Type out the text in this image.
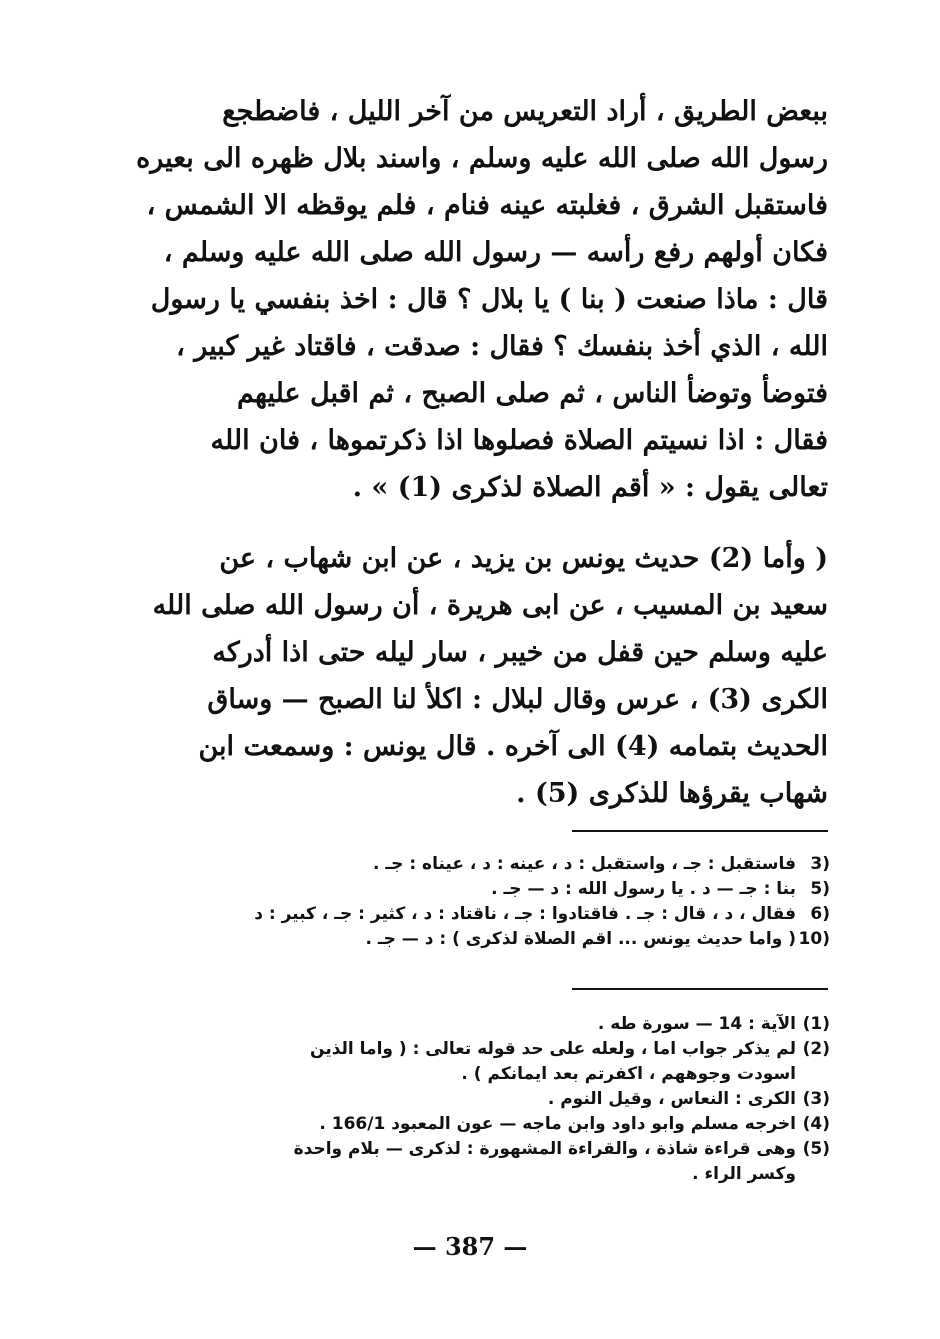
ببعض الطريق ، أراد التعريس من آخر الليل ، فاضطجع
رسول الله صلى الله عليه وسلم ، واسند بلال ظهره الى بعيره
فاستقبل الشرق ، فغلبته عينه فنام ، فلم يوقظه الا الشمس ،
فكان أولهم رفع رأسه — رسول الله صلى الله عليه وسلم ،
قال : ماذا صنعت ( بنا ) يا بلال ؟ قال : اخذ بنفسي يا رسول
الله ، الذي أخذ بنفسك ؟ فقال : صدقت ، فاقتاد غير كبير ،
فتوضأ وتوضأ الناس ، ثم صلى الصبح ، ثم اقبل عليهم
فقال : اذا نسيتم الصلاة فصلوها اذا ذكرتموها ، فان الله
تعالى يقول : « أقم الصلاة لذكرى (1) » .
( وأما (2) حديث يونس بن يزيد ، عن ابن شهاب ، عن
سعيد بن المسيب ، عن ابى هريرة ، أن رسول الله صلى الله
عليه وسلم حين قفل من خيبر ، سار ليله حتى اذا أدركه
الكرى (3) ، عرس وقال لبلال : اكلأ لنا الصبح — وساق
الحديث بتمامه (4) الى آخره . قال يونس : وسمعت ابن
شهاب يقرؤها للذكرى (5) .
(3
فاستقبل : جـ ، واستقبل : د ، عينه : د ، عيناه : جـ .
(5
بنا : جـ — د . يا رسول الله : د — جـ .
(6
فقال ، د ، قال : جـ . فاقتادوا : جـ ، ناقتاد : د ، كثير : جـ ، كبير : د
(10
( واما حديث يونس ... اقم الصلاة لذكرى ) : د — جـ .
(1)
الآية : 14 — سورة طه .
(2)
لم يذكر جواب اما ، ولعله على حد قوله تعالى : ( واما الذين
اسودت وجوههم ، اكفرتم بعد ايمانكم ) .
(3)
الكرى : النعاس ، وقيل النوم .
(4)
اخرجه مسلم وابو داود وابن ماجه — عون المعبود 166/1 .
(5)
وهى قراءة شاذة ، والقراءة المشهورة : لذكرى — بلام واحدة
وكسر الراء .
— 387 —
